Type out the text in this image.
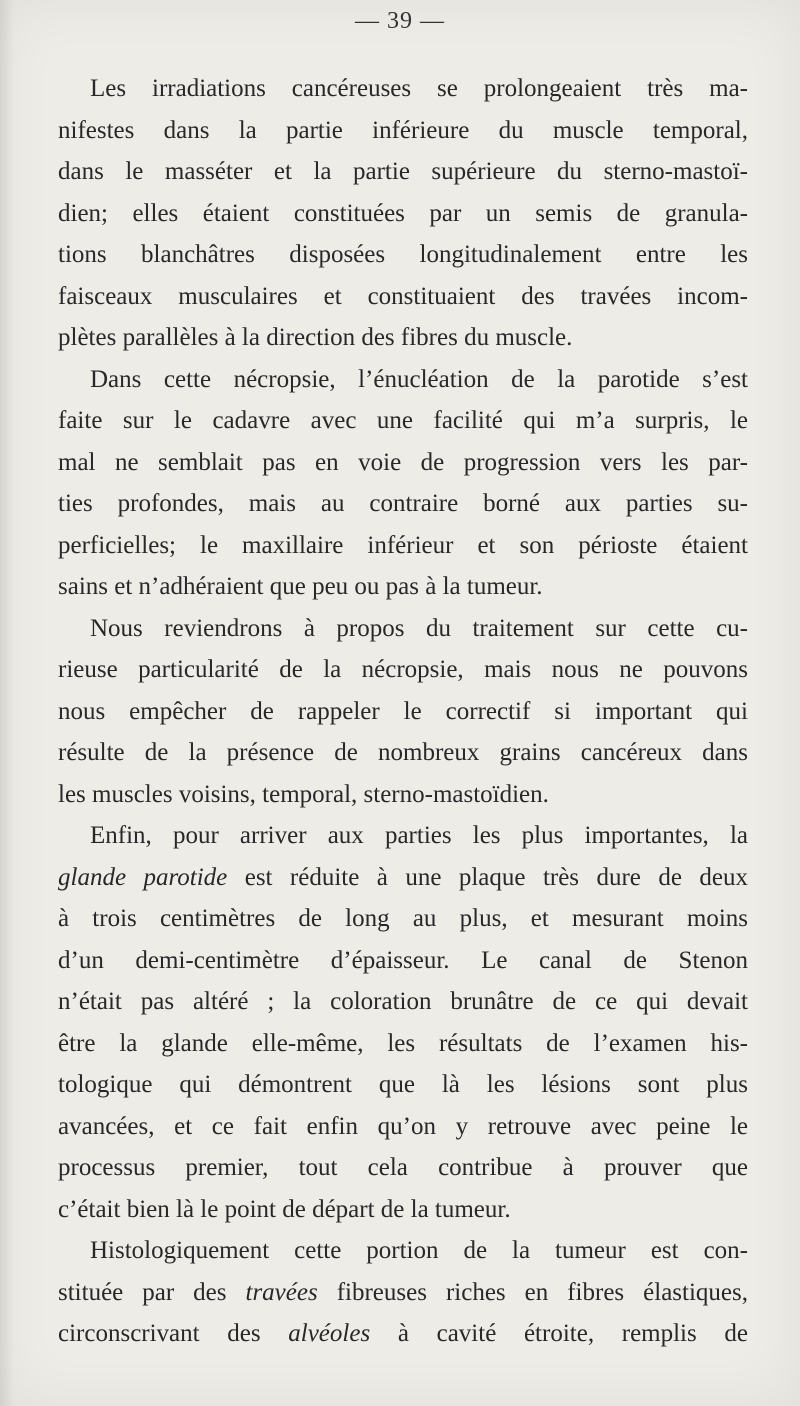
— 39 —
Les irradiations cancéreuses se prolongeaient très ma-
nifestes dans la partie inférieure du muscle temporal,
dans le masséter et la partie supérieure du sterno-mastoï-
dien; elles étaient constituées par un semis de granula-
tions blanchâtres disposées longitudinalement entre les
faisceaux musculaires et constituaient des travées incom-
plètes parallèles à la direction des fibres du muscle.
Dans cette nécropsie, l’énucléation de la parotide s’est
faite sur le cadavre avec une facilité qui m’a surpris, le
mal ne semblait pas en voie de progression vers les par-
ties profondes, mais au contraire borné aux parties su-
perficielles; le maxillaire inférieur et son périoste étaient
sains et n’adhéraient que peu ou pas à la tumeur.
Nous reviendrons à propos du traitement sur cette cu-
rieuse particularité de la nécropsie, mais nous ne pouvons
nous empêcher de rappeler le correctif si important qui
résulte de la présence de nombreux grains cancéreux dans
les muscles voisins, temporal, sterno-mastoïdien.
Enfin, pour arriver aux parties les plus importantes, la
glande parotide est réduite à une plaque très dure de deux
à trois centimètres de long au plus, et mesurant moins
d’un demi-centimètre d’épaisseur. Le canal de Stenon
n’était pas altéré ; la coloration brunâtre de ce qui devait
être la glande elle-même, les résultats de l’examen his-
tologique qui démontrent que là les lésions sont plus
avancées, et ce fait enfin qu’on y retrouve avec peine le
processus premier, tout cela contribue à prouver que
c’était bien là le point de départ de la tumeur.
Histologiquement cette portion de la tumeur est con-
stituée par des travées fibreuses riches en fibres élastiques,
circonscrivant des alvéoles à cavité étroite, remplis de
